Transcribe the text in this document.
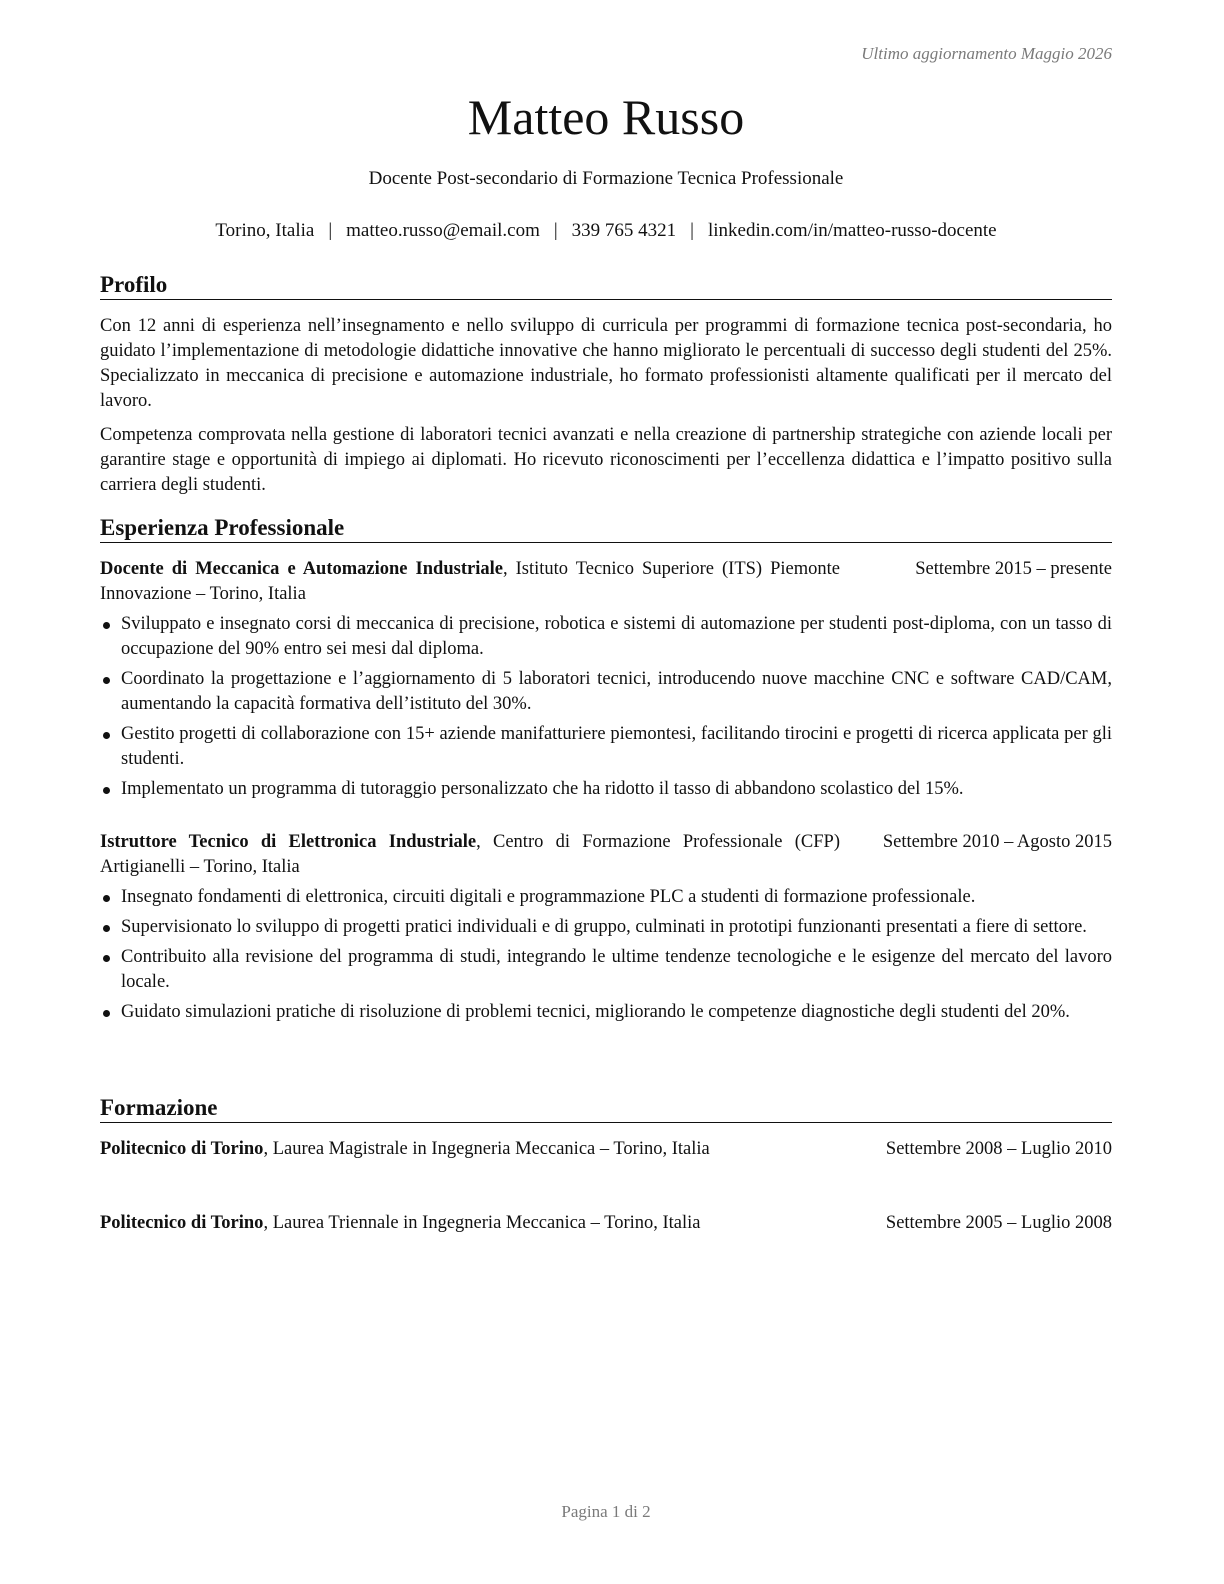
Ultimo aggiornamento Maggio 2026
Matteo Russo
Docente Post-secondario di Formazione Tecnica Professionale
Torino, Italia | matteo.russo@email.com | 339 765 4321 | linkedin.com/in/matteo-russo-docente
Profilo
Con 12 anni di esperienza nell’insegnamento e nello sviluppo di curricula per programmi di formazione tecnica post-secondaria, ho guidato l’implementazione di metodologie didattiche innovative che hanno migliorato le percentuali di successo degli studenti del 25%. Specializzato in meccanica di precisione e automazione industriale, ho formato professionisti altamente qualificati per il mercato del lavoro.
Competenza comprovata nella gestione di laboratori tecnici avanzati e nella creazione di partnership strategiche con aziende locali per garantire stage e opportunità di impiego ai diplomati. Ho ricevuto riconoscimenti per l’eccellenza didattica e l’impatto positivo sulla carriera degli studenti.
Esperienza Professionale
Docente di Meccanica e Automazione Industriale, Istituto Tecnico Superiore (ITS) Piemonte Innovazione – Torino, Italia
Settembre 2015 – presente
Sviluppato e insegnato corsi di meccanica di precisione, robotica e sistemi di automazione per studenti post-diploma, con un tasso di occupazione del 90% entro sei mesi dal diploma.
Coordinato la progettazione e l’aggiornamento di 5 laboratori tecnici, introducendo nuove macchine CNC e software CAD/CAM, aumentando la capacità formativa dell’istituto del 30%.
Gestito progetti di collaborazione con 15+ aziende manifatturiere piemontesi, facilitando tirocini e progetti di ricerca applicata per gli studenti.
Implementato un programma di tutoraggio personalizzato che ha ridotto il tasso di abbandono scolastico del 15%.
Istruttore Tecnico di Elettronica Industriale, Centro di Formazione Professionale (CFP) Artigianelli – Torino, Italia
Settembre 2010 – Agosto 2015
Insegnato fondamenti di elettronica, circuiti digitali e programmazione PLC a studenti di formazione professionale.
Supervisionato lo sviluppo di progetti pratici individuali e di gruppo, culminati in prototipi funzionanti presentati a fiere di settore.
Contribuito alla revisione del programma di studi, integrando le ultime tendenze tecnologiche e le esigenze del mercato del lavoro locale.
Guidato simulazioni pratiche di risoluzione di problemi tecnici, migliorando le competenze diagnostiche degli studenti del 20%.
Formazione
Politecnico di Torino, Laurea Magistrale in Ingegneria Meccanica – Torino, Italia	Settembre 2008 – Luglio 2010
Politecnico di Torino, Laurea Triennale in Ingegneria Meccanica – Torino, Italia	Settembre 2005 – Luglio 2008
Pagina 1 di 2
